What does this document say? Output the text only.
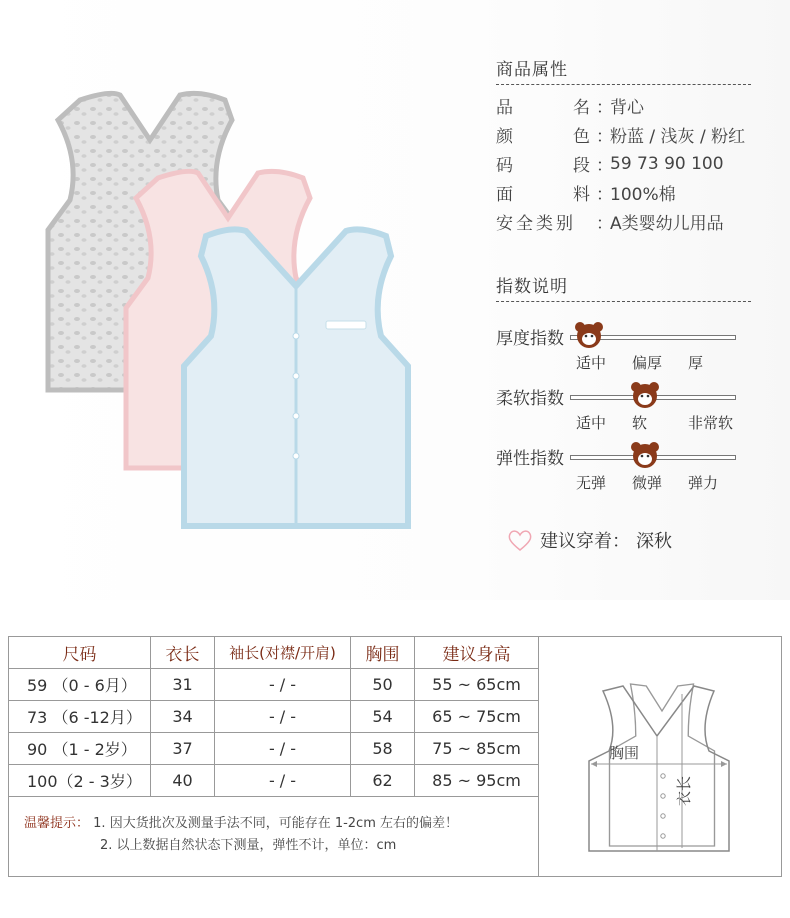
商品属性
品	名 ：
背心
颜	色 ：
粉蓝 / 浅灰 / 粉红
码	段 ：
59 73 90 100
面	料 ：
100%棉
安全类别 ：
A类婴幼儿用品
指数说明
厚度指数
适中 偏厚 厚
柔软指数
适中 软	非常软
弹性指数
无弹 微弹 弹力
建议穿着： 深秋
尺码	衣长	袖长(对襟/开肩)	胸围	建议身高
59 （0 - 6月）	31	- / -	50	55 ~ 65cm
73 （6 -12月）	34	- / -	54	65 ~ 75cm
90 （1 - 2岁）	37	- / -	58	75 ~ 85cm
100（2 - 3岁）	40	- / -	62	85 ~ 95cm
温馨提示： 1. 因大货批次及测量手法不同，可能存在 1-2cm 左右的偏差！
2. 以上数据自然状态下测量，弹性不计，单位：cm
胸围
衣长
